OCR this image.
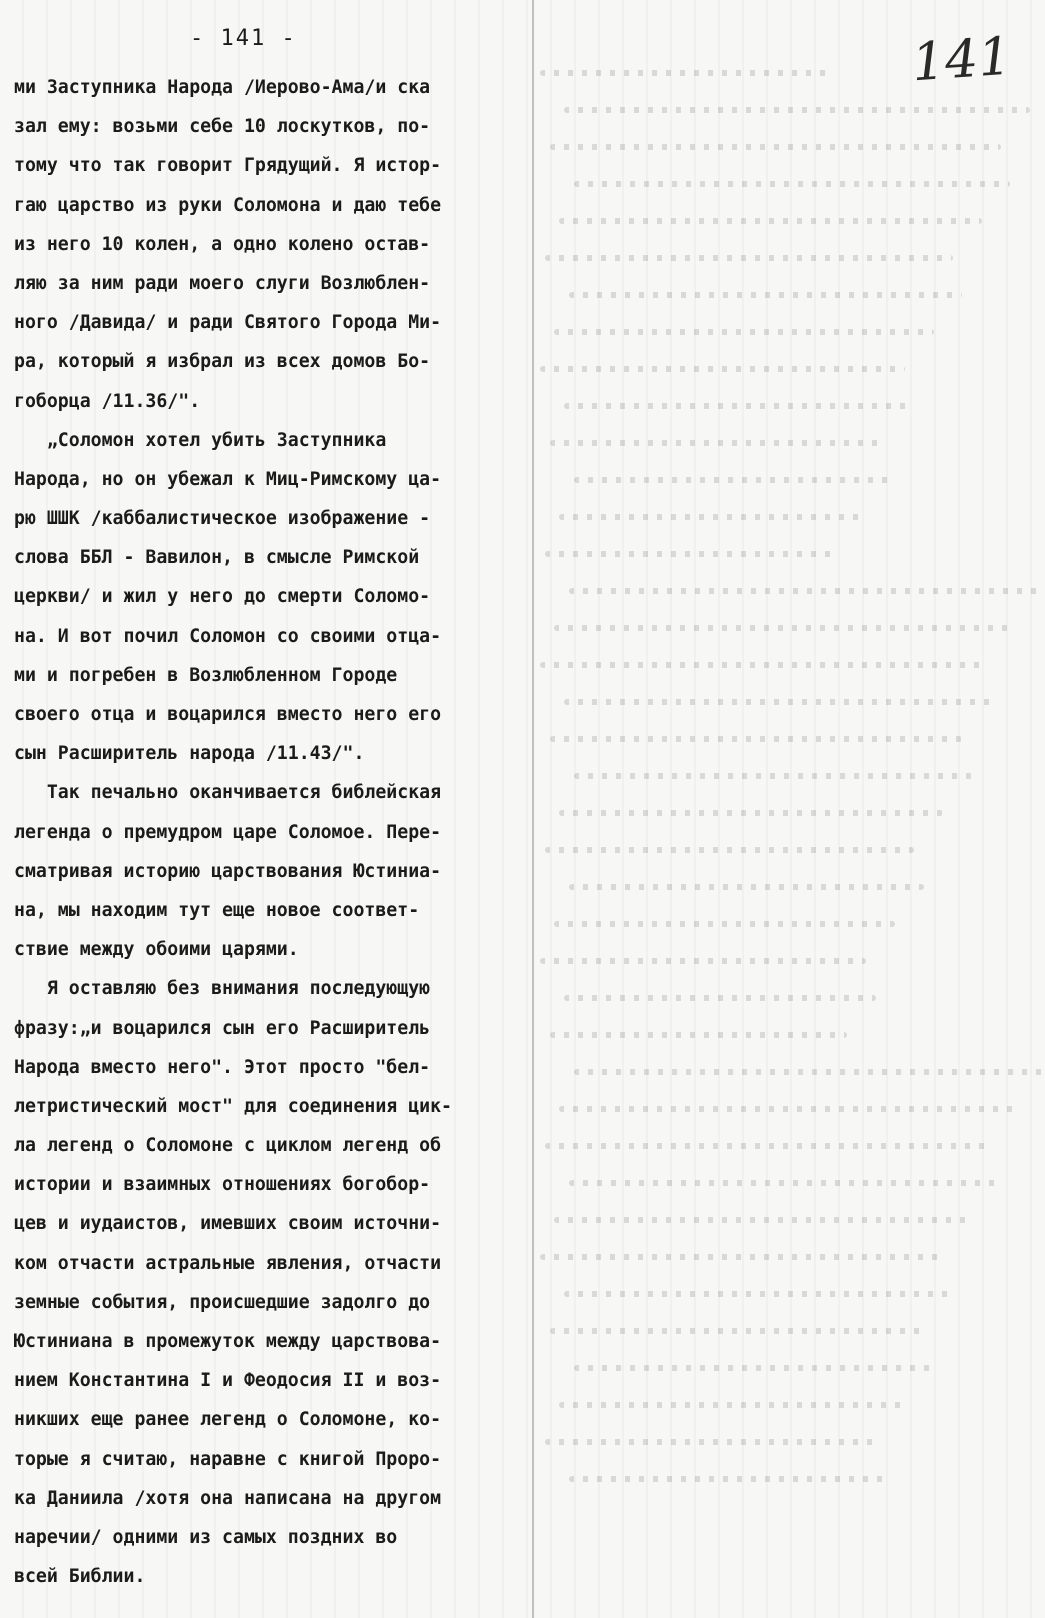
- 141 -	141
ми Заступника Народа /Иерово-Ама/и ска
зал ему: возьми себе 10 лоскутков, по-
тому что так говорит Грядущий. Я истор-
гаю царство из руки Соломона и даю тебе
из него 10 колен, а одно колено остав-
ляю за ним ради моего слуги Возлюблен-
ного /Давида/ и ради Святого Города Ми-
ра, который я избрал из всех домов Бо-
гоборца /11.36/".
„Соломон хотел убить Заступника
Народа, но он убежал к Миц-Римскому ца-
рю ШШК /каббалистическое изображение -
слова ББЛ - Вавилон, в смысле Римской
церкви/ и жил у него до смерти Соломо-
на. И вот почил Соломон со своими отца-
ми и погребен в Возлюбленном Городе
своего отца и воцарился вместо него его
сын Расширитель народа /11.43/".
Так печально оканчивается библейская
легенда о премудром царе Соломое. Пере-
сматривая историю царствования Юстиниа-
на, мы находим тут еще новое соответ-
ствие между обоими царями.
Я оставляю без внимания последующую
фразу:„и воцарился сын его Расширитель
Народа вместо него". Этот просто "бел-
летристический мост" для соединения цик-
ла легенд о Соломоне с циклом легенд об
истории и взаимных отношениях богобор-
цев и иудаистов, имевших своим источни-
ком отчасти астральные явления, отчасти
земные события, происшедшие задолго до
Юстиниана в промежуток между царствова-
нием Константина I и Феодосия II и воз-
никших еще ранее легенд о Соломоне, ко-
торые я считаю, наравне с книгой Проро-
ка Даниила /хотя она написана на другом
наречии/ одними из самых поздних во
всей Библии.
